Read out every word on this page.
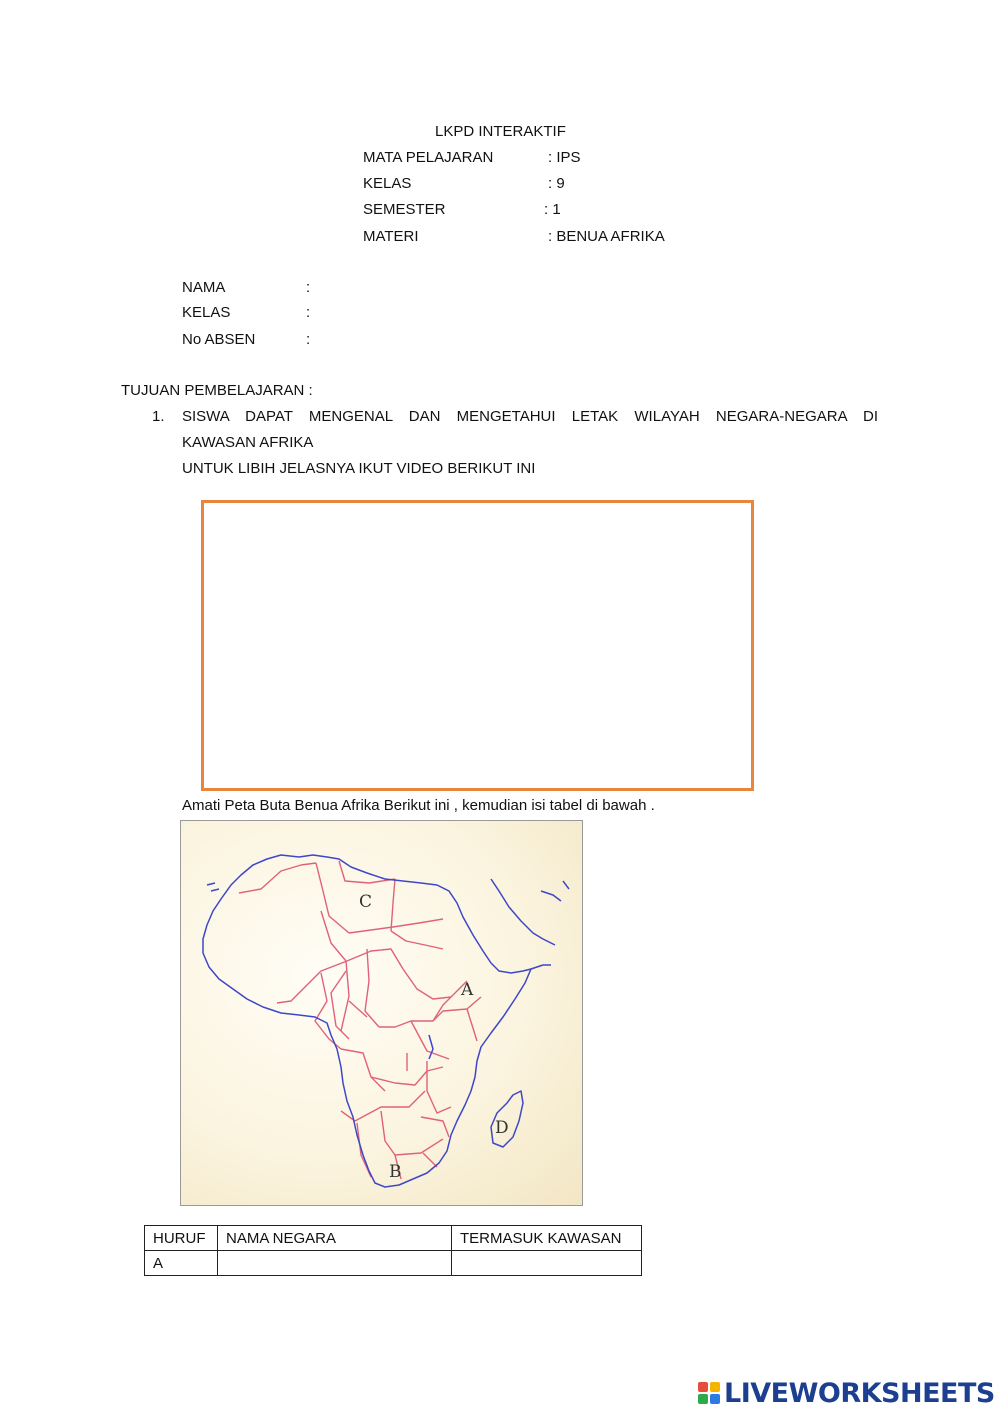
LKPD INTERAKTIF
MATA PELAJARAN	: IPS
KELAS	: 9
SEMESTER	: 1
MATERI	: BENUA AFRIKA
NAMA	:
KELAS	:
No ABSEN	:
TUJUAN PEMBELAJARAN :
1. SISWA DAPAT MENGENAL DAN MENGETAHUI LETAK WILAYAH NEGARA-NEGARA DI
KAWASAN AFRIKA
UNTUK LIBIH JELASNYA IKUT VIDEO BERIKUT INI
Amati Peta Buta Benua Afrika Berikut ini , kemudian isi tabel di bawah .
C
A
D
B
HURUF	NAMA NEGARA	TERMASUK KAWASAN
A		
LIVEWORKSHEETS
